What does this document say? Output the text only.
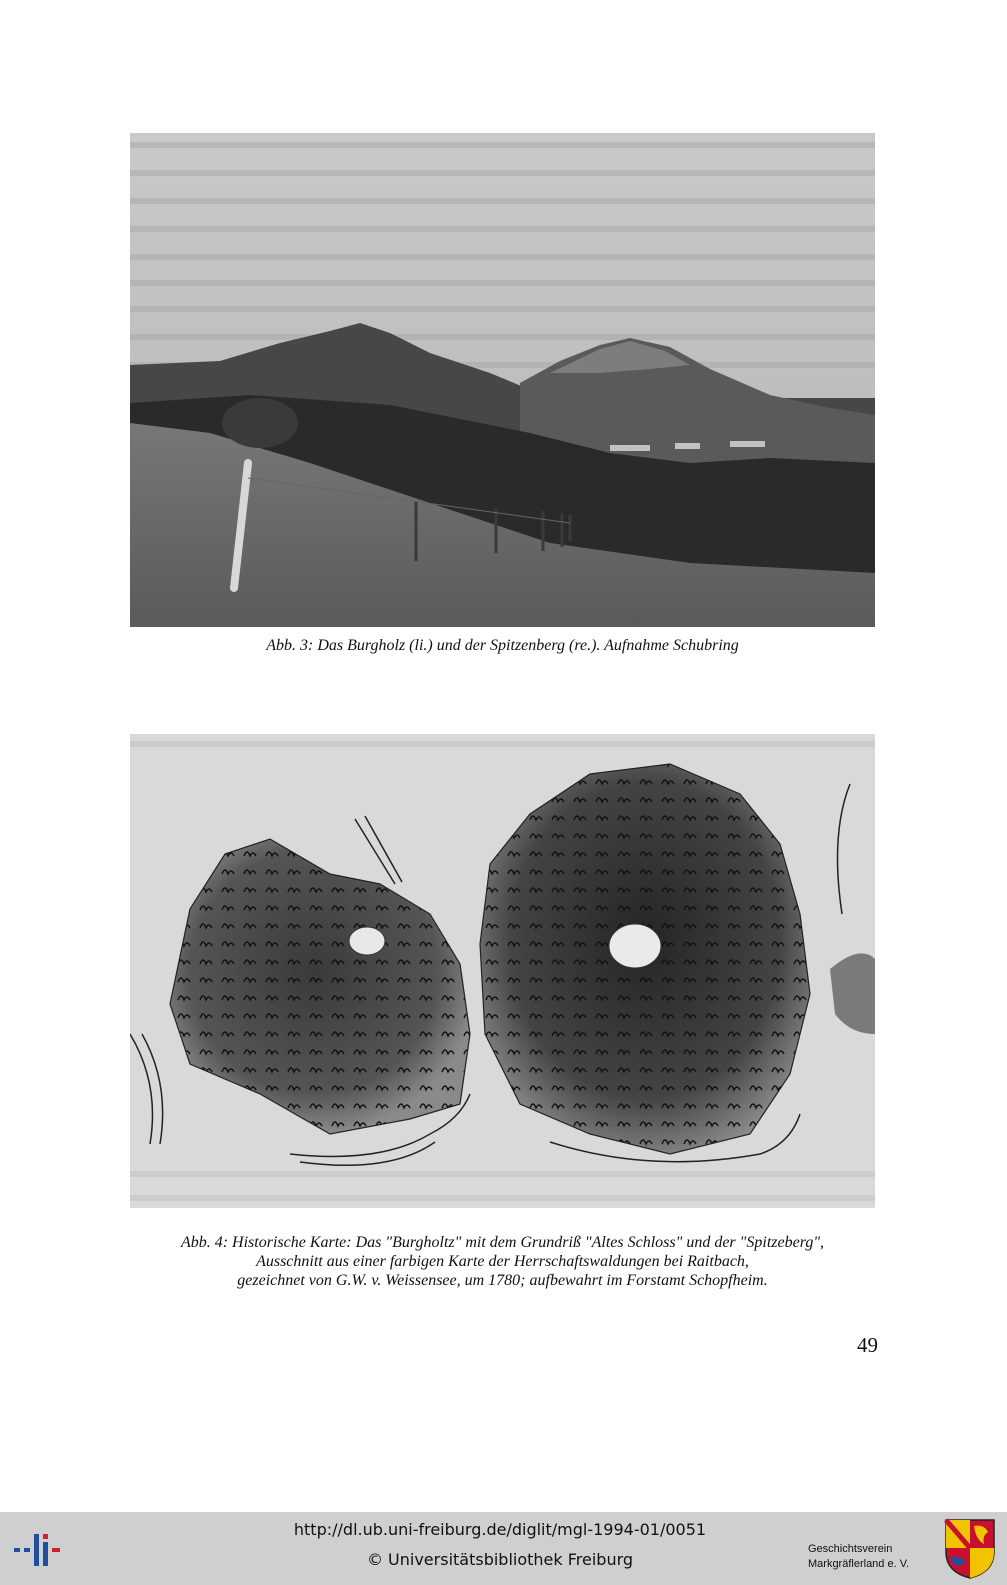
Abb. 3: Das Burgholz (li.) und der Spitzenberg (re.). Aufnahme Schubring
Abb. 4: Historische Karte: Das "Burgholtz" mit dem Grundriß "Altes Schloss" und der "Spitzeberg",
Ausschnitt aus einer farbigen Karte der Herrschaftswaldungen bei Raitbach,
gezeichnet von G.W. v. Weissensee, um 1780; aufbewahrt im Forstamt Schopfheim.
49
http://dl.ub.uni-freiburg.de/diglit/mgl-1994-01/0051
© Universitätsbibliothek Freiburg
Geschichtsverein
Markgräflerland e. V.
